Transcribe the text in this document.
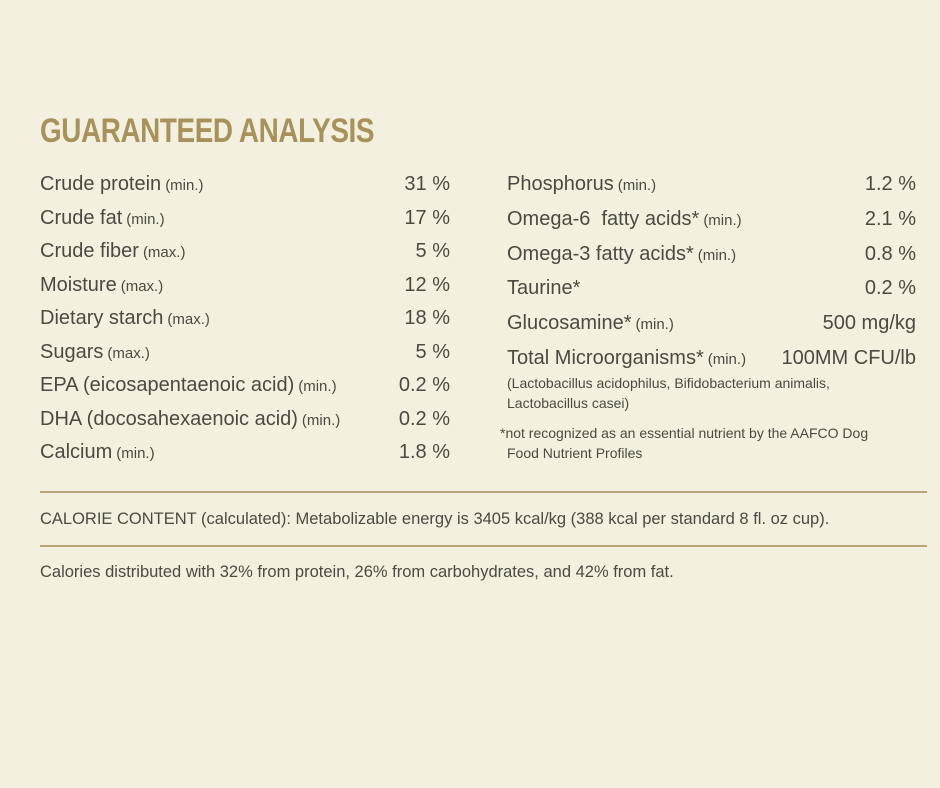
GUARANTEED ANALYSIS
Crude protein (min.)	31 %
Crude fat (min.)	17 %
Crude fiber (max.)	5 %
Moisture (max.)	12 %
Dietary starch (max.)	18 %
Sugars (max.)	5 %
EPA (eicosapentaenoic acid) (min.)	0.2 %
DHA (docosahexaenoic acid) (min.)	0.2 %
Calcium (min.)	1.8 %
Phosphorus (min.)	1.2 %
Omega-6  fatty acids* (min.)	2.1 %
Omega-3 fatty acids* (min.)	0.8 %
Taurine*	0.2 %
Glucosamine* (min.)	500 mg/kg
Total Microorganisms* (min.) 100MM CFU/lb
(Lactobacillus acidophilus, Bifidobacterium animalis,
Lactobacillus casei)
*not recognized as an essential nutrient by the AAFCO Dog
Food Nutrient Profiles
CALORIE CONTENT (calculated): Metabolizable energy is 3405 kcal/kg (388 kcal per standard 8 fl. oz cup).
Calories distributed with 32% from protein, 26% from carbohydrates, and 42% from fat.
